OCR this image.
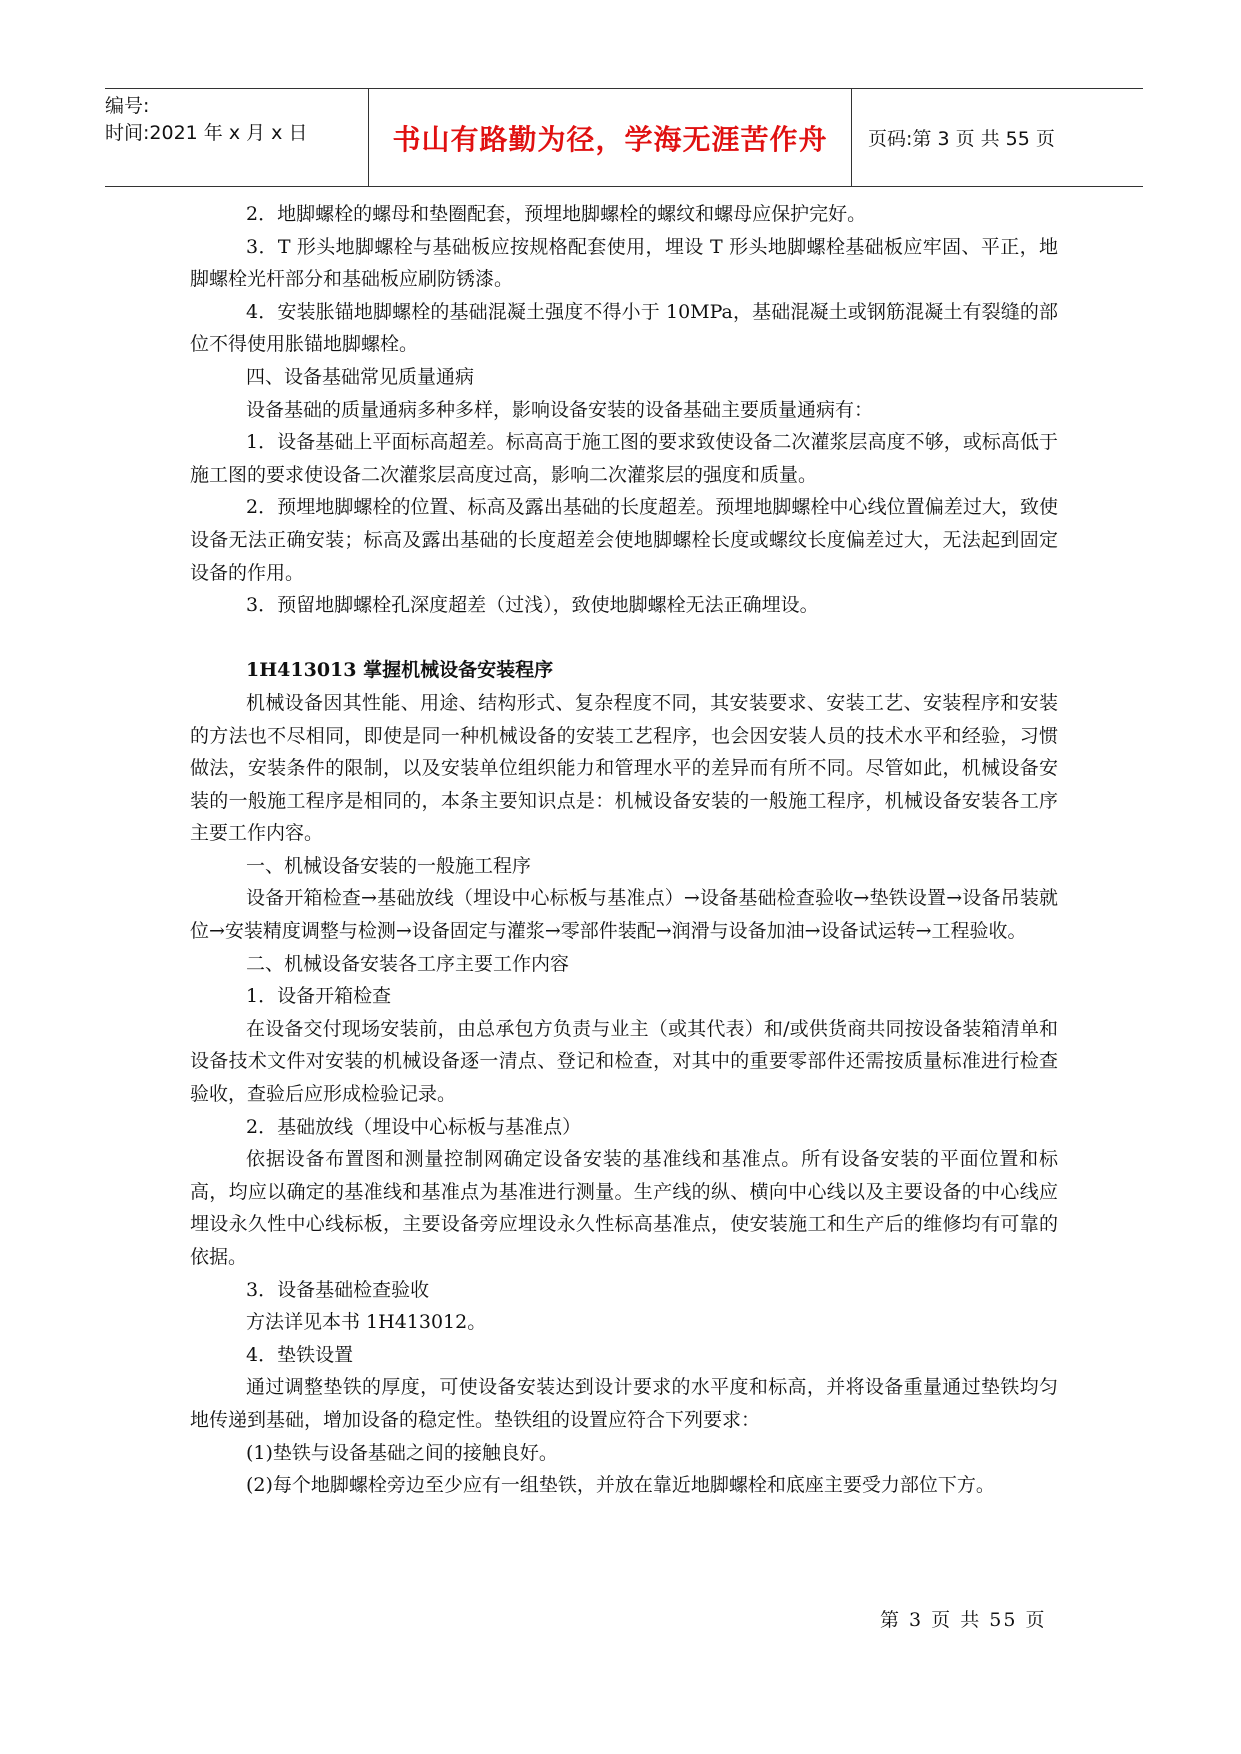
编号:
时间:2021 年 x 月 x 日	书山有路勤为径，学海无涯苦作舟 页码:第 3 页 共 55 页

2．地脚螺栓的螺母和垫圈配套，预埋地脚螺栓的螺纹和螺母应保护完好。

3．T 形头地脚螺栓与基础板应按规格配套使用，埋设 T 形头地脚螺栓基础板应牢固、平正，地脚螺栓光杆部分和基础板应刷防锈漆。

4．安装胀锚地脚螺栓的基础混凝土强度不得小于 10MPa，基础混凝土或钢筋混凝土有裂缝的部位不得使用胀锚地脚螺栓。

四、设备基础常见质量通病

设备基础的质量通病多种多样，影响设备安装的设备基础主要质量通病有：

1．设备基础上平面标高超差。标高高于施工图的要求致使设备二次灌浆层高度不够，或标高低于施工图的要求使设备二次灌浆层高度过高，影响二次灌浆层的强度和质量。

2．预埋地脚螺栓的位置、标高及露出基础的长度超差。预埋地脚螺栓中心线位置偏差过大，致使设备无法正确安装；标高及露出基础的长度超差会使地脚螺栓长度或螺纹长度偏差过大，无法起到固定设备的作用。

3．预留地脚螺栓孔深度超差（过浅），致使地脚螺栓无法正确埋设。

1H413013 掌握机械设备安装程序

机械设备因其性能、用途、结构形式、复杂程度不同，其安装要求、安装工艺、安装程序和安装的方法也不尽相同，即使是同一种机械设备的安装工艺程序，也会因安装人员的技术水平和经验，习惯做法，安装条件的限制，以及安装单位组织能力和管理水平的差异而有所不同。尽管如此，机械设备安装的一般施工程序是相同的，本条主要知识点是：机械设备安装的一般施工程序，机械设备安装各工序主要工作内容。

一、机械设备安装的一般施工程序

设备开箱检查→基础放线（埋设中心标板与基准点）→设备基础检查验收→垫铁设置→设备吊装就位→安装精度调整与检测→设备固定与灌浆→零部件装配→润滑与设备加油→设备试运转→工程验收。

二、机械设备安装各工序主要工作内容

1．设备开箱检查

在设备交付现场安装前，由总承包方负责与业主（或其代表）和/或供货商共同按设备装箱清单和设备技术文件对安装的机械设备逐一清点、登记和检查，对其中的重要零部件还需按质量标准进行检查验收，查验后应形成检验记录。

2．基础放线（埋设中心标板与基准点）

依据设备布置图和测量控制网确定设备安装的基准线和基准点。所有设备安装的平面位置和标高，均应以确定的基准线和基准点为基准进行测量。生产线的纵、横向中心线以及主要设备的中心线应埋设永久性中心线标板，主要设备旁应埋设永久性标高基准点，使安装施工和生产后的维修均有可靠的依据。

3．设备基础检查验收

方法详见本书 1H413012。

4．垫铁设置

通过调整垫铁的厚度，可使设备安装达到设计要求的水平度和标高，并将设备重量通过垫铁均匀地传递到基础，增加设备的稳定性。垫铁组的设置应符合下列要求：

(1)垫铁与设备基础之间的接触良好。

(2)每个地脚螺栓旁边至少应有一组垫铁，并放在靠近地脚螺栓和底座主要受力部位下方。

第 3 页 共 55 页
